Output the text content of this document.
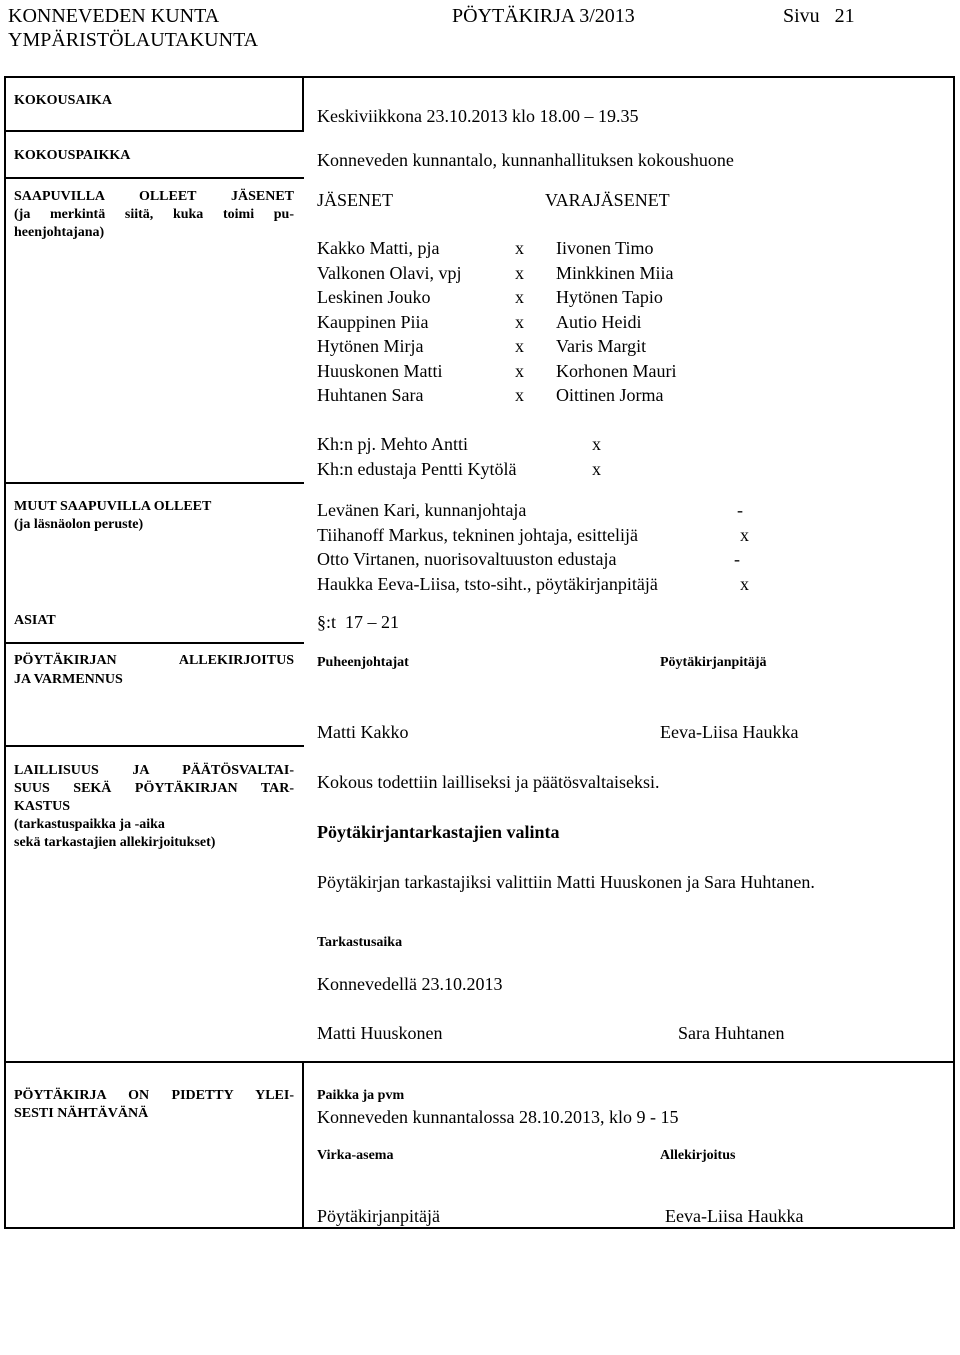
KONNEVEDEN KUNTA
YMPÄRISTÖLAUTAKUNTA
PÖYTÄKIRJA 3/2013	Sivu   21
KOKOUSAIKA
Keskiviikkona 23.10.2013 klo 18.00 – 19.35
KOKOUSPAIKKA	Konneveden kunnantalo, kunnanhallituksen kokoushuone
SAAPUVILLA OLLEET JÄSENET
(ja merkintä siitä, kuka toimi pu-
heenjohtajana)
JÄSENET	VARAJÄSENET
Kakko Matti, pja	x Iivonen Timo
Valkonen Olavi, vpj	x Minkkinen Miia
Leskinen Jouko	x Hytönen Tapio
Kauppinen Piia	x Autio Heidi
Hytönen Mirja	x Varis Margit
Huuskonen Matti	x Korhonen Mauri
Huhtanen Sara	x Oittinen Jorma
Kh:n pj. Mehto Antti	x
Kh:n edustaja Pentti Kytölä	x
MUUT SAAPUVILLA OLLEET
(ja läsnäolon peruste)
Levänen Kari, kunnanjohtaja	-
Tiihanoff Markus, tekninen johtaja, esittelijä	x
Otto Virtanen, nuorisovaltuuston edustaja	-
Haukka Eeva-Liisa, tsto-siht., pöytäkirjanpitäjä	x
ASIAT	§:t  17 – 21
PÖYTÄKIRJAN ALLEKIRJOITUS
JA VARMENNUS
Puheenjohtajat	Pöytäkirjanpitäjä
Matti Kakko	Eeva-Liisa Haukka
LAILLISUUS JA PÄÄTÖSVALTAI-
SUUS SEKÄ PÖYTÄKIRJAN TAR-
KASTUS
(tarkastuspaikka ja -aika
sekä tarkastajien allekirjoitukset)
Kokous todettiin lailliseksi ja päätösvaltaiseksi.
Pöytäkirjantarkastajien valinta
Pöytäkirjan tarkastajiksi valittiin Matti Huuskonen ja Sara Huhtanen.
Tarkastusaika
Konnevedellä 23.10.2013
Matti Huuskonen	Sara Huhtanen
PÖYTÄKIRJA ON PIDETTY YLEI-
SESTI NÄHTÄVÄNÄ
Paikka ja pvm
Konneveden kunnantalossa 28.10.2013, klo 9 - 15
Virka-asema	Allekirjoitus
Pöytäkirjanpitäjä	Eeva-Liisa Haukka
